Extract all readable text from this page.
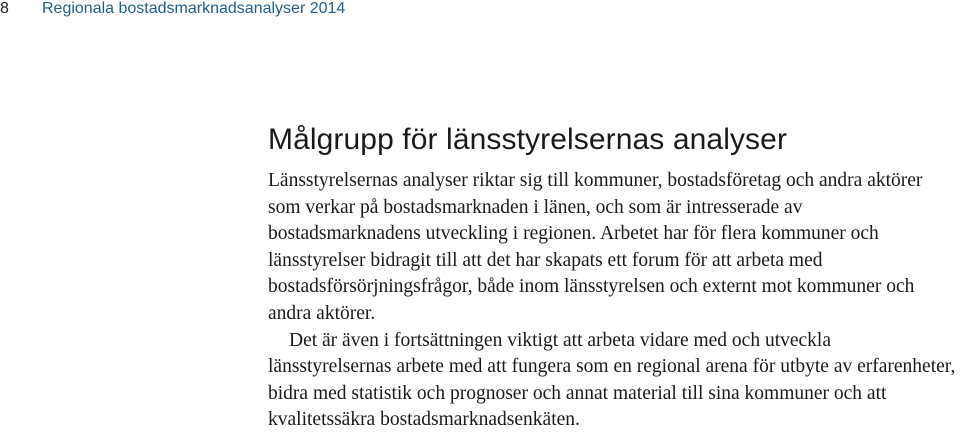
8 Regionala bostadsmarknadsanalyser 2014
Målgrupp för länsstyrelsernas analyser

Länsstyrelsernas analyser riktar sig till kommuner, bostadsföretag och andra aktörer som verkar på bostadsmarknaden i länen, och som är intresserade av bostadsmarknadens utveckling i regionen. Arbetet har för flera kommuner och länsstyrelser bidragit till att det har skapats ett forum för att arbeta med bostadsförsörjningsfrågor, både inom länsstyrelsen och externt mot kommuner och andra aktörer.

Det är även i fortsättningen viktigt att arbeta vidare med och utveckla länsstyrelsernas arbete med att fungera som en regional arena för utbyte av erfarenheter, bidra med statistik och prognoser och annat material till sina kommuner och att kvalitetssäkra bostadsmarknadsenkäten.
